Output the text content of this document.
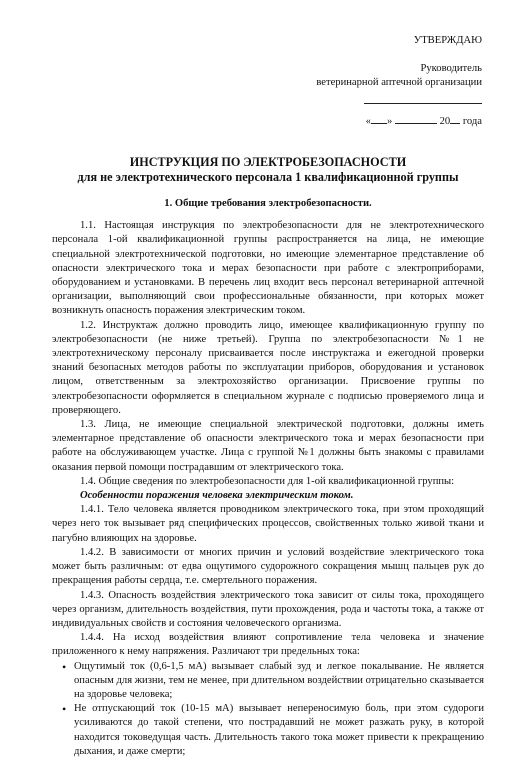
УТВЕРЖДАЮ
Руководитель
ветеринарной аптечной организации
« »	20 года
ИНСТРУКЦИЯ ПО ЭЛЕКТРОБЕЗОПАСНОСТИ
для не электротехнического персонала 1 квалификационной группы
1. Общие требования электробезопасности.

1.1. Настоящая инструкция по электробезопасности для не электротехнического персонала 1-ой квалификационной группы распространяется на лица, не имеющие специальной электротехнической подготовки, но имеющие элементарное представление об опасности электрического тока и мерах безопасности при работе с электроприборами, оборудованием и установками. В перечень лиц входит весь персонал ветеринарной аптечной организации, выполняющий свои профессиональные обязанности, при которых может возникнуть опасность поражения электрическим током.

1.2. Инструктаж должно проводить лицо, имеющее квалификационную группу по электробезопасности (не ниже третьей). Группа по электробезопасности №1 не электротехническому персоналу присваивается после инструктажа и ежегодной проверки знаний безопасных методов работы по эксплуатации приборов, оборудования и установок лицом, ответственным за электрохозяйство организации. Присвоение группы по электробезопасности оформляется в специальном журнале с подписью проверяемого лица и проверяющего.

1.3. Лица, не имеющие специальной электрической подготовки, должны иметь элементарное представление об опасности электрического тока и мерах безопасности при работе на обслуживающем участке. Лица с группой №1 должны быть знакомы с правилами оказания первой помощи пострадавшим от электрического тока.

1.4. Общие сведения по электробезопасности для 1-ой квалификационной группы:

Особенности поражения человека электрическим током.

1.4.1. Тело человека является проводником электрического тока, при этом проходящий через него ток вызывает ряд специфических процессов, свойственных только живой ткани и пагубно влияющих на здоровье.

1.4.2. В зависимости от многих причин и условий воздействие электрического тока может быть различным: от едва ощутимого судорожного сокращения мышц пальцев рук до прекращения работы сердца, т.е. смертельного поражения.

1.4.3. Опасность воздействия электрического тока зависит от силы тока, проходящего через организм, длительность воздействия, пути прохождения, рода и частоты тока, а также от индивидуальных свойств и состояния человеческого организма.

1.4.4. На исход воздействия влияют сопротивление тела человека и значение приложенного к нему напряжения. Различают три предельных тока:

• Ощутимый ток (0,6-1,5 мА) вызывает слабый зуд и легкое покалывание. Не является опасным для жизни, тем не менее, при длительном воздействии отрицательно сказывается на здоровье человека;
• Не отпускающий ток (10-15 мА) вызывает непереносимую боль, при этом судороги усиливаются до такой степени, что пострадавший не может разжать руку, в которой находится токоведущая часть. Длительность такого тока может привести к прекращению дыхания, и даже смерти;
